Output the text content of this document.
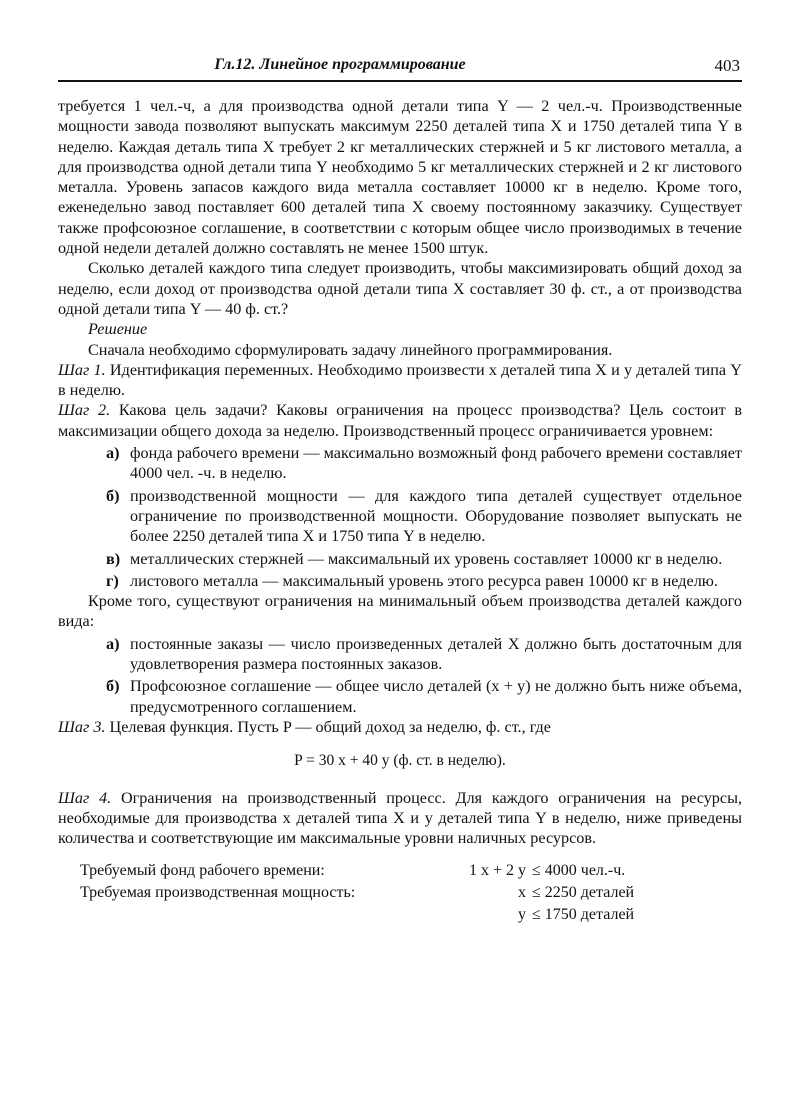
Гл.12. Линейное программирование	403

требуется 1 чел.-ч, а для производства одной детали типа Y — 2 чел.-ч. Производственные мощности завода позволяют выпускать максимум 2250 деталей типа X и 1750 деталей типа Y в неделю. Каждая деталь типа X требует 2 кг металлических стержней и 5 кг листового металла, а для производства одной детали типа Y необходимо 5 кг металлических стержней и 2 кг листового металла. Уровень запасов каждого вида металла составляет 10000 кг в неделю. Кроме того, еженедельно завод поставляет 600 деталей типа X своему постоянному заказчику. Существует также профсоюзное соглашение, в соответствии с которым общее число производимых в течение одной недели деталей должно составлять не менее 1500 штук.

Сколько деталей каждого типа следует производить, чтобы максимизировать общий доход за неделю, если доход от производства одной детали типа X составляет 30 ф. ст., а от производства одной детали типа Y — 40 ф. ст.?

Решение

Сначала необходимо сформулировать задачу линейного программирования.

Шаг 1. Идентификация переменных. Необходимо произвести x деталей типа X и y деталей типа Y в неделю.

Шаг 2. Какова цель задачи? Каковы ограничения на процесс производства? Цель состоит в максимизации общего дохода за неделю. Производственный процесс ограничивается уровнем:

а) фонда рабочего времени — максимально возможный фонд рабочего времени составляет 4000 чел. -ч. в неделю.
б) производственной мощности — для каждого типа деталей существует отдельное ограничение по производственной мощности. Оборудование позволяет выпускать не более 2250 деталей типа X и 1750 типа Y в неделю.
в) металлических стержней — максимальный их уровень составляет 10000 кг в неделю.
г) листового металла — максимальный уровень этого ресурса равен 10000 кг в неделю.

Кроме того, существуют ограничения на минимальный объем производства деталей каждого вида:

а) постоянные заказы — число произведенных деталей X должно быть достаточным для удовлетворения размера постоянных заказов.
б) Профсоюзное соглашение — общее число деталей (x + y) не должно быть ниже объема, предусмотренного соглашением.

Шаг 3. Целевая функция. Пусть P — общий доход за неделю, ф. ст., где

P = 30 x + 40 y (ф. ст. в неделю).

Шаг 4. Ограничения на производственный процесс. Для каждого ограничения на ресурсы, необходимые для производства x деталей типа X и y деталей типа Y в неделю, ниже приведены количества и соответствующие им максимальные уровни наличных ресурсов.

Требуемый фонд рабочего времени:	1 x + 2 y ≤ 4000 чел.-ч.
Требуемая производственная мощность:	x ≤ 2250 деталей
y ≤ 1750 деталей
